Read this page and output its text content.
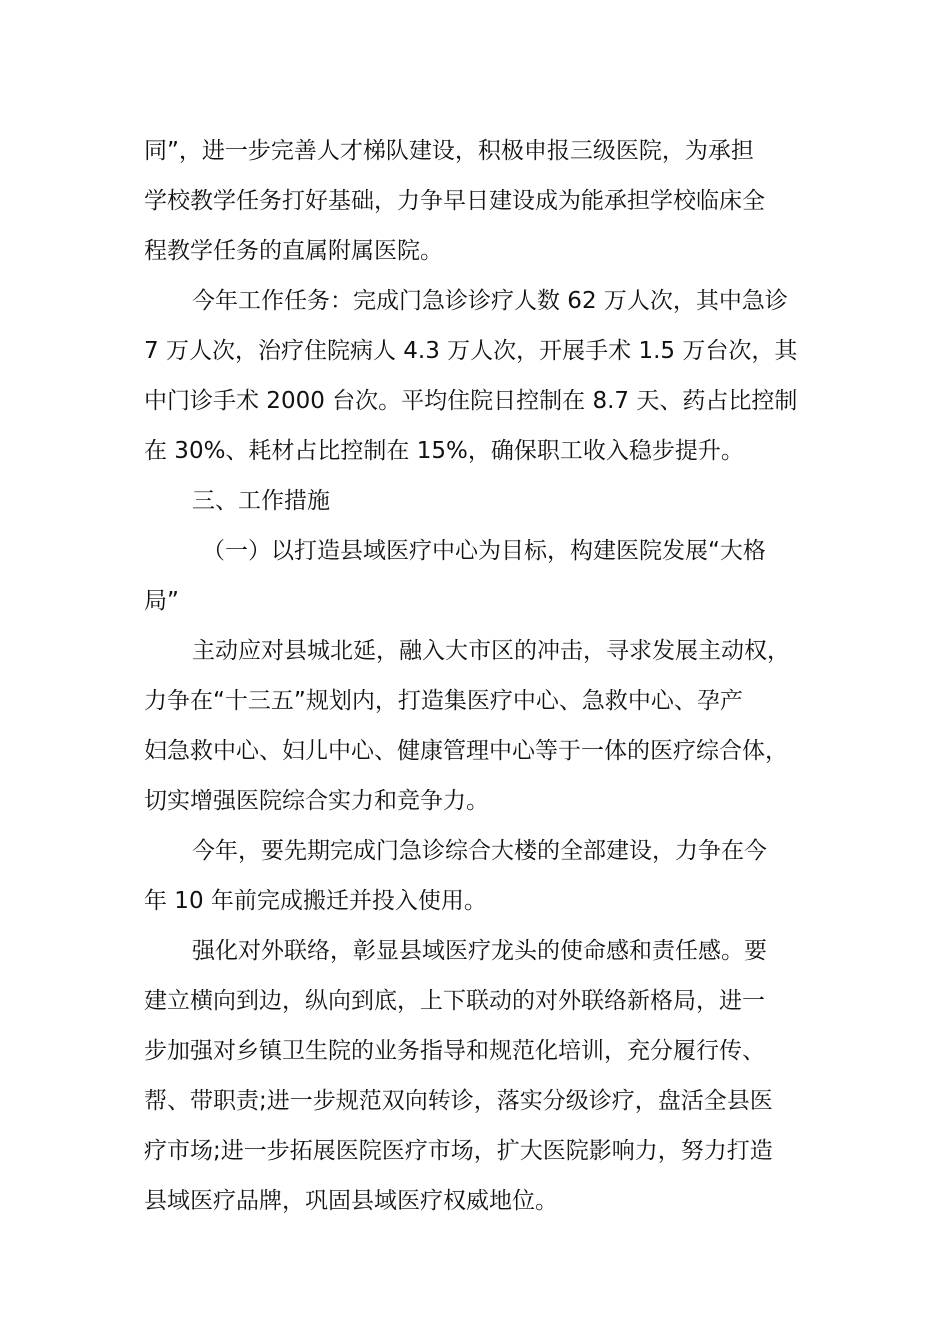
同”，进一步完善人才梯队建设，积极申报三级医院，为承担
学校教学任务打好基础，力争早日建设成为能承担学校临床全
程教学任务的直属附属医院。

今年工作任务：完成门急诊诊疗人数 62 万人次，其中急诊
7 万人次，治疗住院病人 4.3 万人次，开展手术 1.5 万台次，其
中门诊手术 2000 台次。平均住院日控制在 8.7 天、药占比控制
在 30%、耗材占比控制在 15%，确保职工收入稳步提升。

三、工作措施

（一）以打造县域医疗中心为目标，构建医院发展“大格
局”

主动应对县城北延，融入大市区的冲击，寻求发展主动权，
力争在“十三五”规划内，打造集医疗中心、急救中心、孕产
妇急救中心、妇儿中心、健康管理中心等于一体的医疗综合体，
切实增强医院综合实力和竞争力。

今年，要先期完成门急诊综合大楼的全部建设，力争在今
年 10 年前完成搬迁并投入使用。

强化对外联络，彰显县域医疗龙头的使命感和责任感。要
建立横向到边，纵向到底，上下联动的对外联络新格局，进一
步加强对乡镇卫生院的业务指导和规范化培训，充分履行传、
帮、带职责;进一步规范双向转诊，落实分级诊疗，盘活全县医
疗市场;进一步拓展医院医疗市场，扩大医院影响力，努力打造
县域医疗品牌，巩固县域医疗权威地位。
